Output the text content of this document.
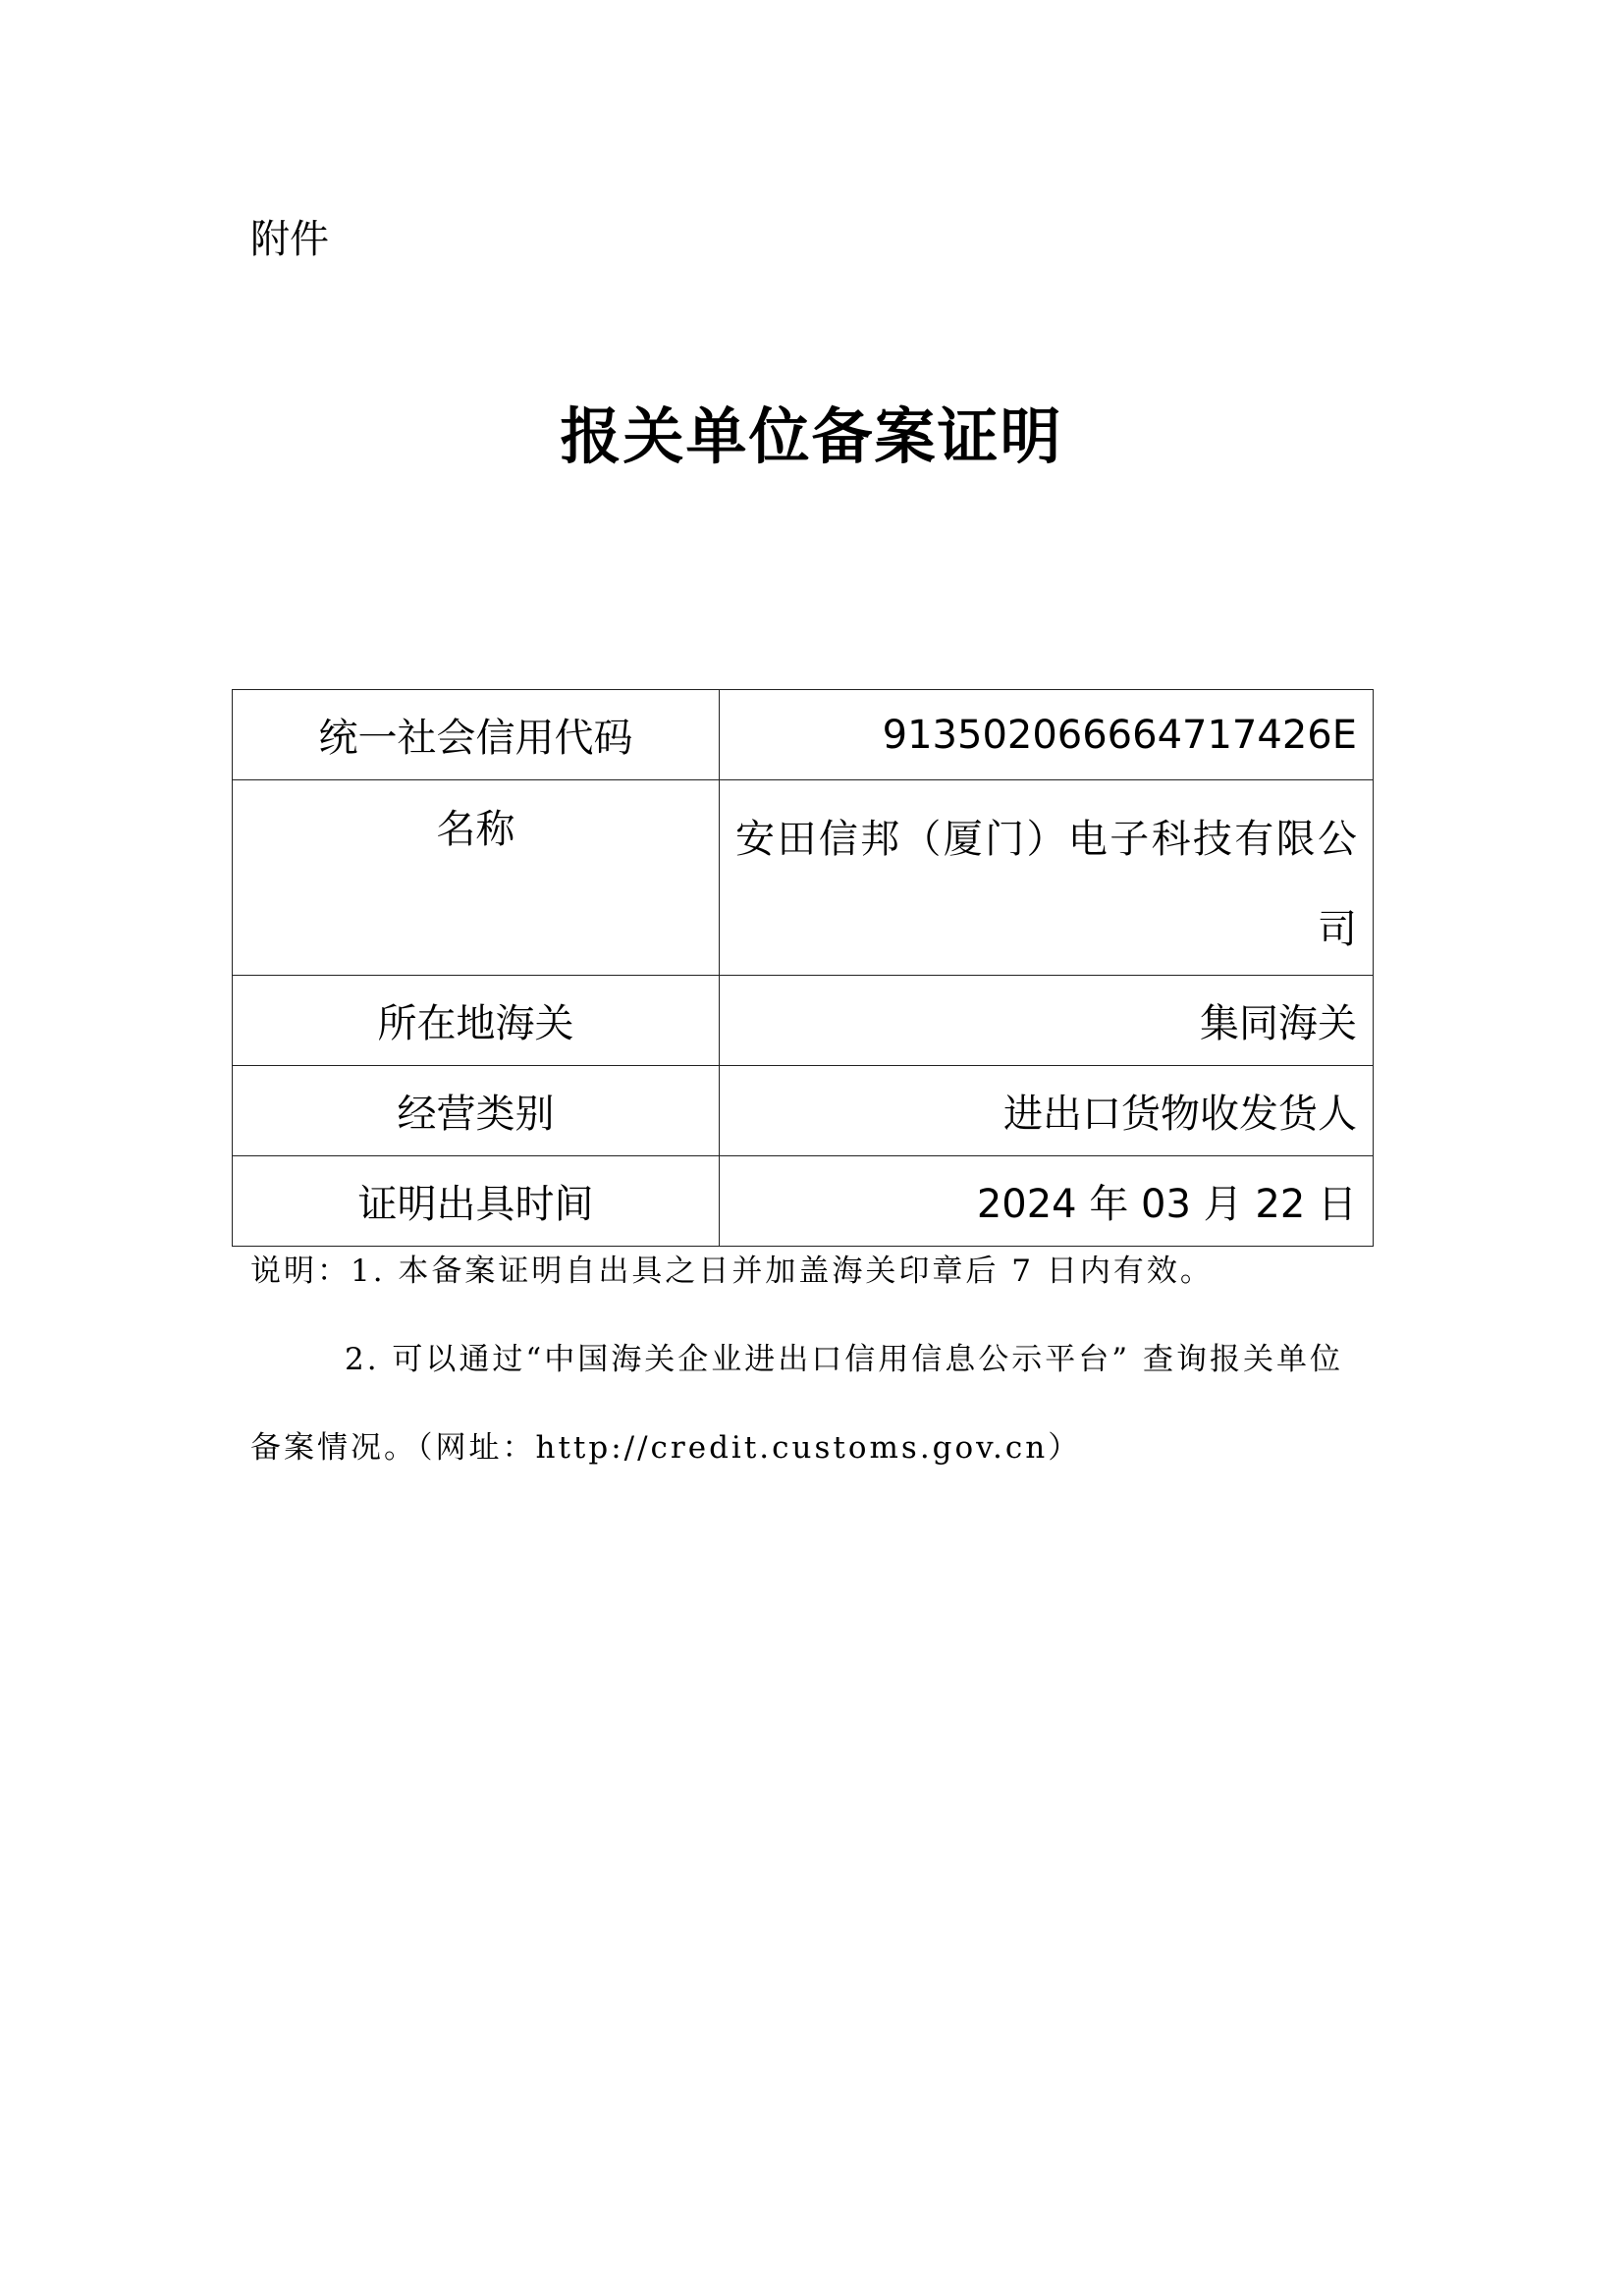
附件
报关单位备案证明
统一社会信用代码	913502066664717426E
名称	安田信邦（厦门）电子科技有限公司

所在地海关	集同海关
经营类别	进出口货物收发货人
证明出具时间	2024 年 03 月 22 日
说明：1. 本备案证明自出具之日并加盖海关印章后 7 日内有效。
2. 可以通过“中国海关企业进出口信用信息公示平台” 查询报关单位
备案情况。（网址：http://credit.customs.gov.cn）
